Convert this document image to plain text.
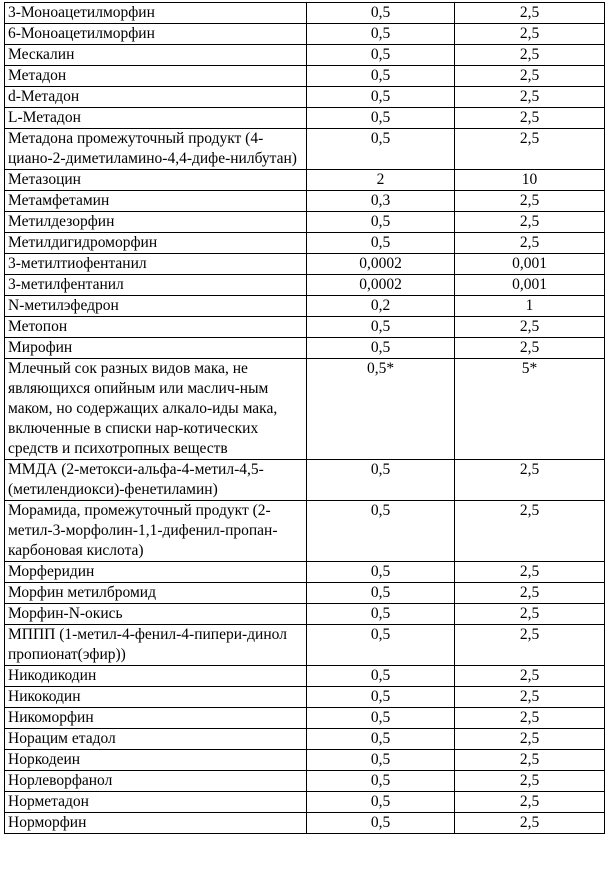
3-Моноацетилморфин	0,5	2,5
6-Моноацетилморфин	0,5	2,5
Мескалин	0,5	2,5
Метадон	0,5	2,5
d-Метадон	0,5	2,5
L-Метадон	0,5	2,5
Метадона промежуточный продукт (4-циано-2-диметиламино-4,4-дифе-нилбутан)	0,5	2,5
Метазоцин	2	10
Метамфетамин	0,3	2,5
Метилдезорфин	0,5	2,5
Метилдигидроморфин	0,5	2,5
3-метилтиофентанил	0,0002	0,001
3-метилфентанил	0,0002	0,001
N-метилэфедрон	0,2	1
Метопон	0,5	2,5
Мирофин	0,5	2,5
Млечный сок разных видов мака, не являющихся опийным или маслич-ным маком, но содержащих алкало-иды мака, включенные в списки нар-котических средств и психотропных веществ	0,5*	5*
ММДА (2-метокси-альфа-4-метил-4,5-(метилендиокси)-фенетиламин)	0,5	2,5
Морамида, промежуточный продукт (2-метил-3-морфолин-1,1-дифенил-пропан-карбоновая кислота)	0,5	2,5
Морферидин	0,5	2,5
Морфин метилбромид	0,5	2,5
Морфин-N-окись	0,5	2,5
МППП (1-метил-4-фенил-4-пипери-динол пропионат(эфир))	0,5	2,5
Никодикодин	0,5	2,5
Никокодин	0,5	2,5
Никоморфин	0,5	2,5
Норацим етадол	0,5	2,5
Норкодеин	0,5	2,5
Норлеворфанол	0,5	2,5
Норметадон	0,5	2,5
Норморфин	0,5	2,5
